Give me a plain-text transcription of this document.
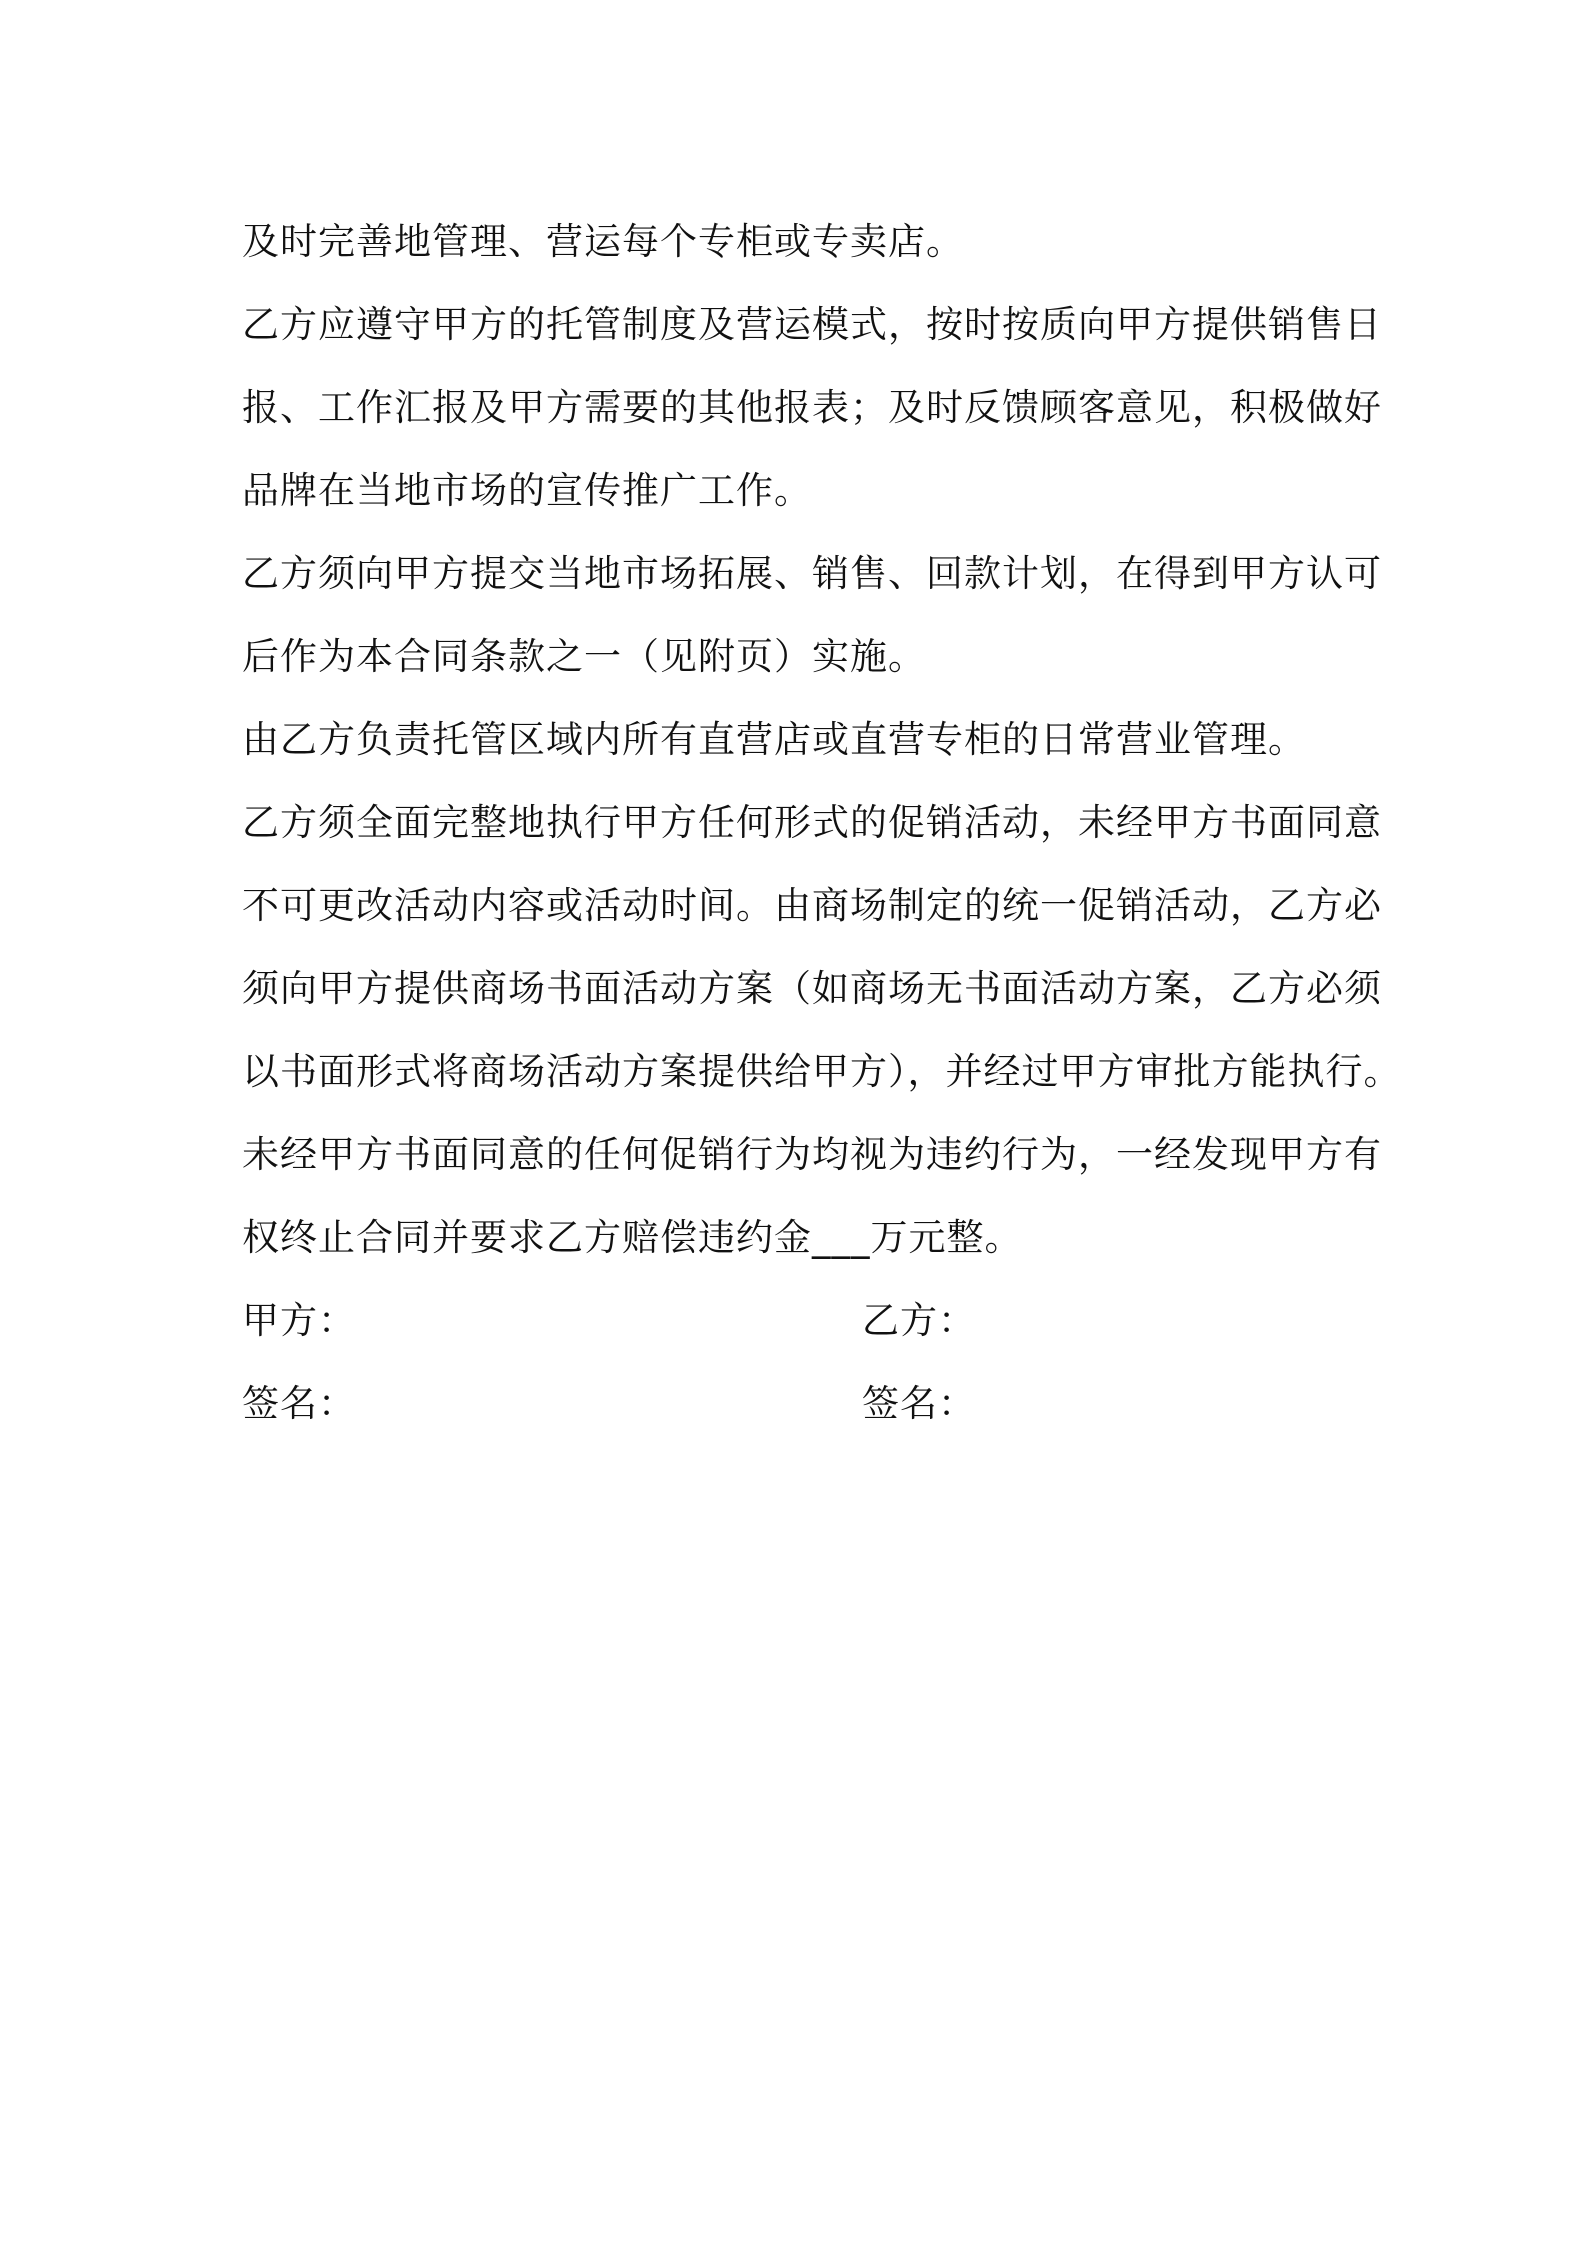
及时完善地管理、营运每个专柜或专卖店。
乙方应遵守甲方的托管制度及营运模式，按时按质向甲方提供销售日
报、工作汇报及甲方需要的其他报表；及时反馈顾客意见，积极做好
品牌在当地市场的宣传推广工作。
乙方须向甲方提交当地市场拓展、销售、回款计划，在得到甲方认可
后作为本合同条款之一（见附页）实施。
由乙方负责托管区域内所有直营店或直营专柜的日常营业管理。
乙方须全面完整地执行甲方任何形式的促销活动，未经甲方书面同意
不可更改活动内容或活动时间。由商场制定的统一促销活动，乙方必
须向甲方提供商场书面活动方案（如商场无书面活动方案，乙方必须
以书面形式将商场活动方案提供给甲方），并经过甲方审批方能执行。
未经甲方书面同意的任何促销行为均视为违约行为，一经发现甲方有
权终止合同并要求乙方赔偿违约金___万元整。
甲方：	乙方：
签名：	签名：
